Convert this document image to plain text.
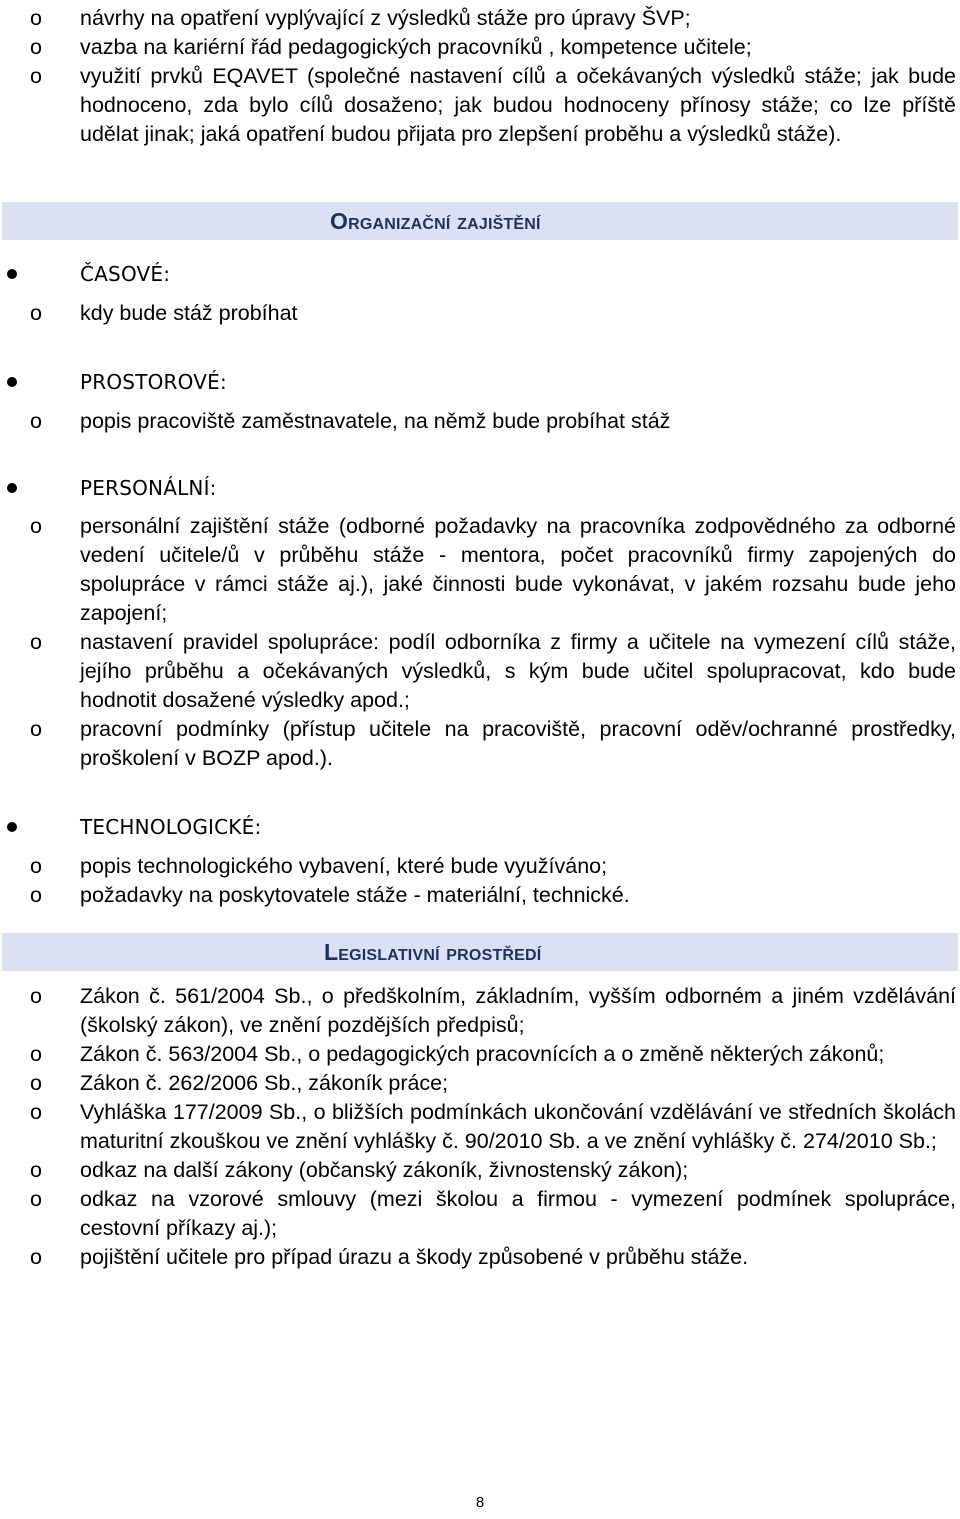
o návrhy na opatření vyplývající z výsledků stáže pro úpravy ŠVP;
o vazba na kariérní řád pedagogických pracovníků , kompetence učitele;
o využití prvků EQAVET (společné nastavení cílů a očekávaných výsledků stáže; jak bude hodnoceno, zda bylo cílů dosaženo; jak budou hodnoceny přínosy stáže; co lze příště udělat jinak; jaká opatření budou přijata pro zlepšení proběhu a výsledků stáže).
Organizační zajištění
ČASOVÉ:
o kdy bude stáž probíhat
PROSTOROVÉ:
o popis pracoviště zaměstnavatele, na němž bude probíhat stáž
PERSONÁLNÍ:
o personální zajištění stáže (odborné požadavky na pracovníka zodpovědného za odborné vedení učitele/ů v průběhu stáže - mentora, počet pracovníků firmy zapojených do spolupráce v rámci stáže aj.), jaké činnosti bude vykonávat, v jakém rozsahu bude jeho zapojení;
o nastavení pravidel spolupráce: podíl odborníka z firmy a učitele na vymezení cílů stáže, jejího průběhu a očekávaných výsledků, s kým bude učitel spolupracovat, kdo bude hodnotit dosažené výsledky apod.;
o pracovní podmínky (přístup učitele na pracoviště, pracovní oděv/ochranné prostředky, proškolení v BOZP apod.).
TECHNOLOGICKÉ:
o popis technologického vybavení, které bude využíváno;
o požadavky na poskytovatele stáže - materiální, technické.
Legislativní prostředí
o Zákon č. 561/2004 Sb., o předškolním, základním, vyšším odborném a jiném vzdělávání (školský zákon), ve znění pozdějších předpisů;
o Zákon č. 563/2004 Sb., o pedagogických pracovnících a o změně některých zákonů;
o Zákon č. 262/2006 Sb., zákoník práce;
o Vyhláška 177/2009 Sb., o bližších podmínkách ukončování vzdělávání ve středních školách maturitní zkouškou ve znění vyhlášky č. 90/2010 Sb. a ve znění vyhlášky č. 274/2010 Sb.;
o odkaz na další zákony (občanský zákoník, živnostenský zákon);
o odkaz na vzorové smlouvy (mezi školou a firmou - vymezení podmínek spolupráce, cestovní příkazy aj.);
o pojištění učitele pro případ úrazu a škody způsobené v průběhu stáže.
8
